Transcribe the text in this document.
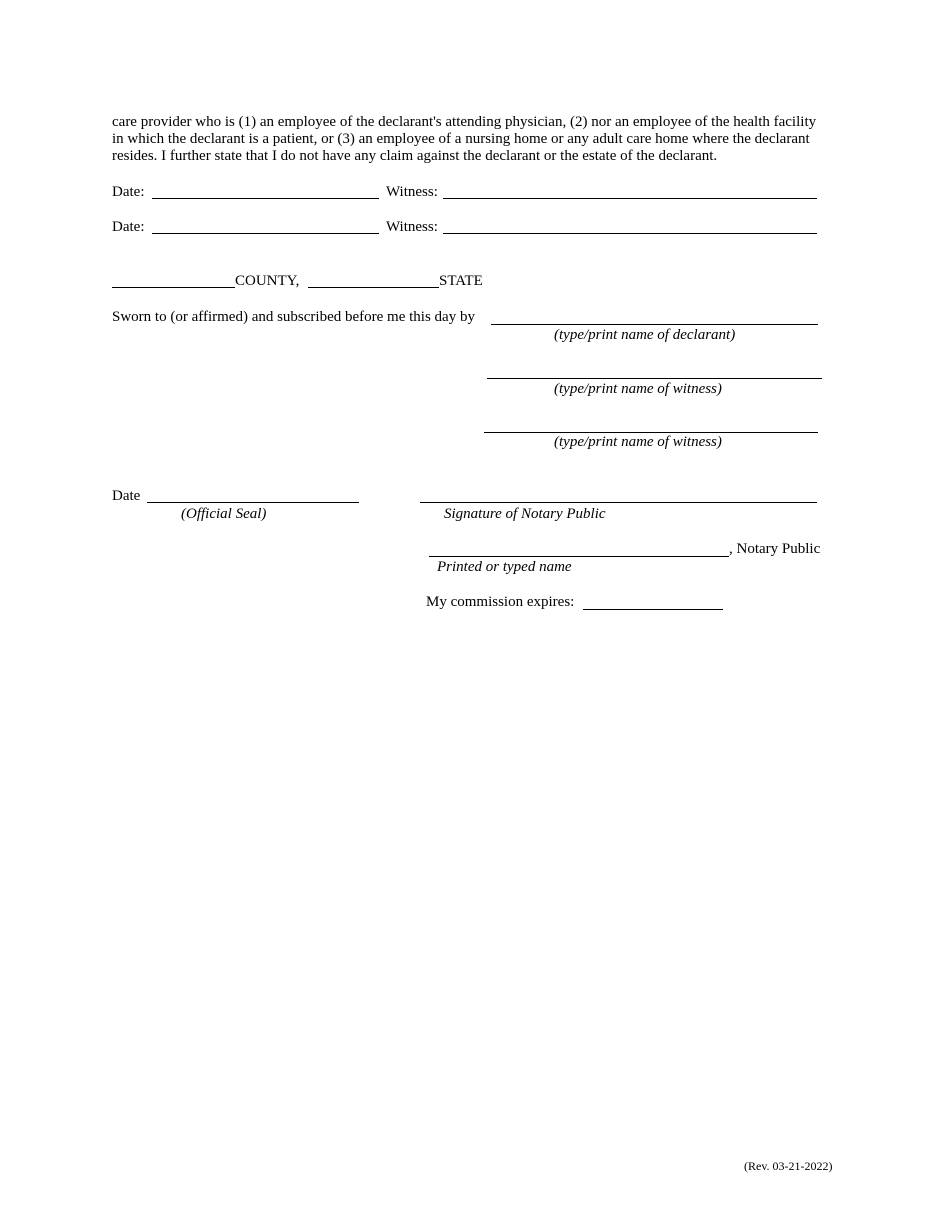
care provider who is (1) an employee of the declarant's attending physician, (2) nor an employee of the health facility in which the declarant is a patient, or (3) an employee of a nursing home or any adult care home where the declarant resides. I further state that I do not have any claim against the declarant or the estate of the declarant.

Date:	Witness:
Date:	Witness:
COUNTY,	STATE
Sworn to (or affirmed) and subscribed before me this day by
(type/print name of declarant)
(type/print name of witness)
(type/print name of witness)
Date
(Official Seal)	Signature of Notary Public
, Notary Public
Printed or typed name
My commission expires:
(Rev. 03-21-2022)
